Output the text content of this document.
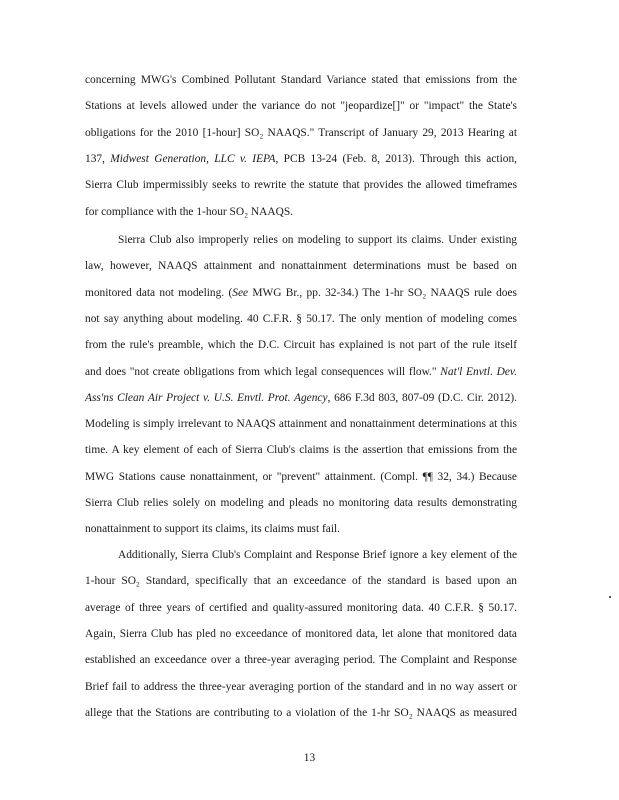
concerning MWG's Combined Pollutant Standard Variance stated that emissions from the
Stations at levels allowed under the variance do not "jeopardize[]" or "impact" the State's
obligations for the 2010 [1-hour] SO₂ NAAQS." Transcript of January 29, 2013 Hearing at
137, Midwest Generation, LLC v. IEPA, PCB 13-24 (Feb. 8, 2013). Through this action,
Sierra Club impermissibly seeks to rewrite the statute that provides the allowed timeframes
for compliance with the 1-hour SO₂ NAAQS.
Sierra Club also improperly relies on modeling to support its claims. Under existing
law, however, NAAQS attainment and nonattainment determinations must be based on
monitored data not modeling. (See MWG Br., pp. 32-34.) The 1-hr SO₂ NAAQS rule does
not say anything about modeling. 40 C.F.R. § 50.17. The only mention of modeling comes
from the rule's preamble, which the D.C. Circuit has explained is not part of the rule itself
and does "not create obligations from which legal consequences will flow." Nat'l Envtl. Dev.
Ass'ns Clean Air Project v. U.S. Envtl. Prot. Agency, 686 F.3d 803, 807-09 (D.C. Cir. 2012).
Modeling is simply irrelevant to NAAQS attainment and nonattainment determinations at this
time. A key element of each of Sierra Club's claims is the assertion that emissions from the
MWG Stations cause nonattainment, or "prevent" attainment. (Compl. ¶¶ 32, 34.) Because
Sierra Club relies solely on modeling and pleads no monitoring data results demonstrating
nonattainment to support its claims, its claims must fail.
Additionally, Sierra Club's Complaint and Response Brief ignore a key element of the
1-hour SO₂ Standard, specifically that an exceedance of the standard is based upon an
average of three years of certified and quality-assured monitoring data. 40 C.F.R. § 50.17.
Again, Sierra Club has pled no exceedance of monitored data, let alone that monitored data
established an exceedance over a three-year averaging period. The Complaint and Response
Brief fail to address the three-year averaging portion of the standard and in no way assert or
allege that the Stations are contributing to a violation of the 1-hr SO₂ NAAQS as measured
13
